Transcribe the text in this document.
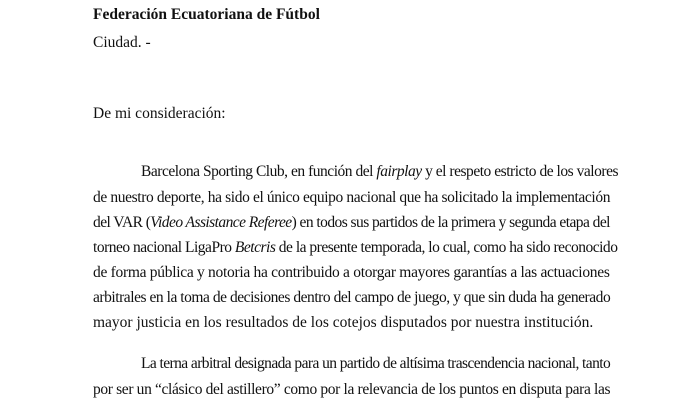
Federación Ecuatoriana de Fútbol
Ciudad. -
De mi consideración:
Barcelona Sporting Club, en función del fairplay y el respeto estricto de los valores
de nuestro deporte, ha sido el único equipo nacional que ha solicitado la implementación
del VAR (Video Assistance Referee) en todos sus partidos de la primera y segunda etapa del
torneo nacional LigaPro Betcris de la presente temporada, lo cual, como ha sido reconocido
de forma pública y notoria ha contribuido a otorgar mayores garantías a las actuaciones
arbitrales en la toma de decisiones dentro del campo de juego, y que sin duda ha generado
mayor justicia en los resultados de los cotejos disputados por nuestra institución.
La terna arbitral designada para un partido de altísima trascendencia nacional, tanto
por ser un “clásico del astillero” como por la relevancia de los puntos en disputa para las
